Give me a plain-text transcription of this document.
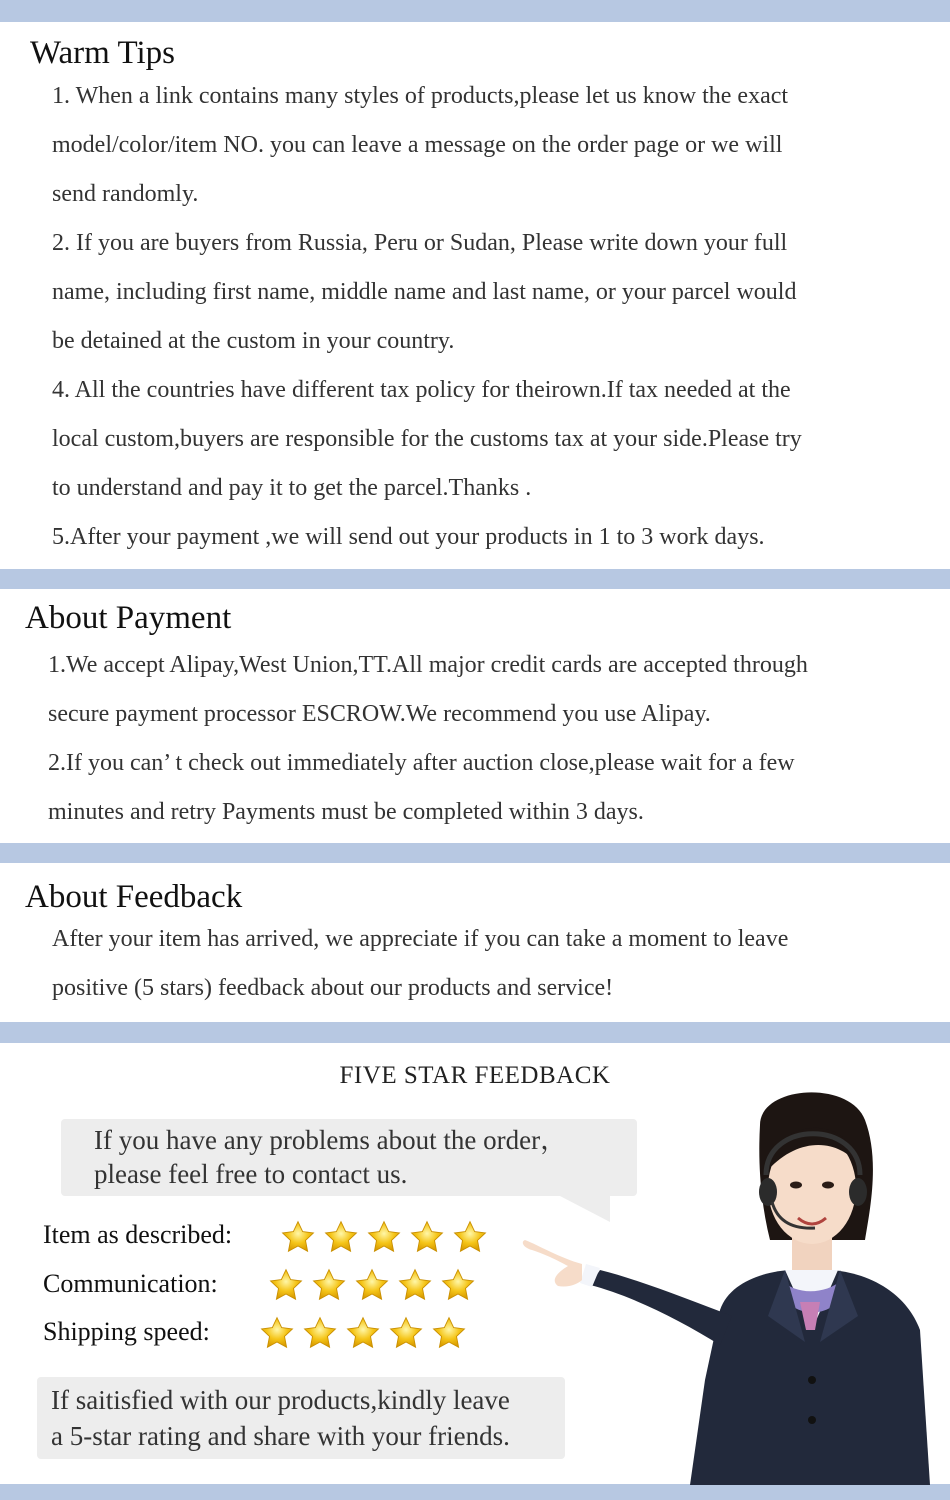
Warm Tips
1. When a link contains many styles of products,please let us know the exact
model/color/item NO. you can leave a message on the order page or we will
send randomly.
2. If you are buyers from Russia, Peru or Sudan, Please write down your full
name, including first name, middle name and last name, or your parcel would
be detained at the custom in your country.
4. All the countries have different tax policy for theirown.If tax needed at the
local custom,buyers are responsible for the customs tax at your side.Please try
to understand and pay it to get the parcel.Thanks .
5.After your payment ,we will send out your products in 1 to 3 work days.
About Payment
1.We accept Alipay,West Union,TT.All major credit cards are accepted through
secure payment processor ESCROW.We recommend you use Alipay.
2.If you can’ t check out immediately after auction close,please wait for a few
minutes and retry Payments must be completed within 3 days.
About Feedback
After your item has arrived, we appreciate if you can take a moment to leave
positive (5 stars) feedback about our products and service!
FIVE STAR FEEDBACK
If you have any problems about the order，
please feel free to contact us.
Item as described:
Communication:
Shipping speed:
If saitisfied with our products,kindly leave
a 5-star rating and share with your friends.
